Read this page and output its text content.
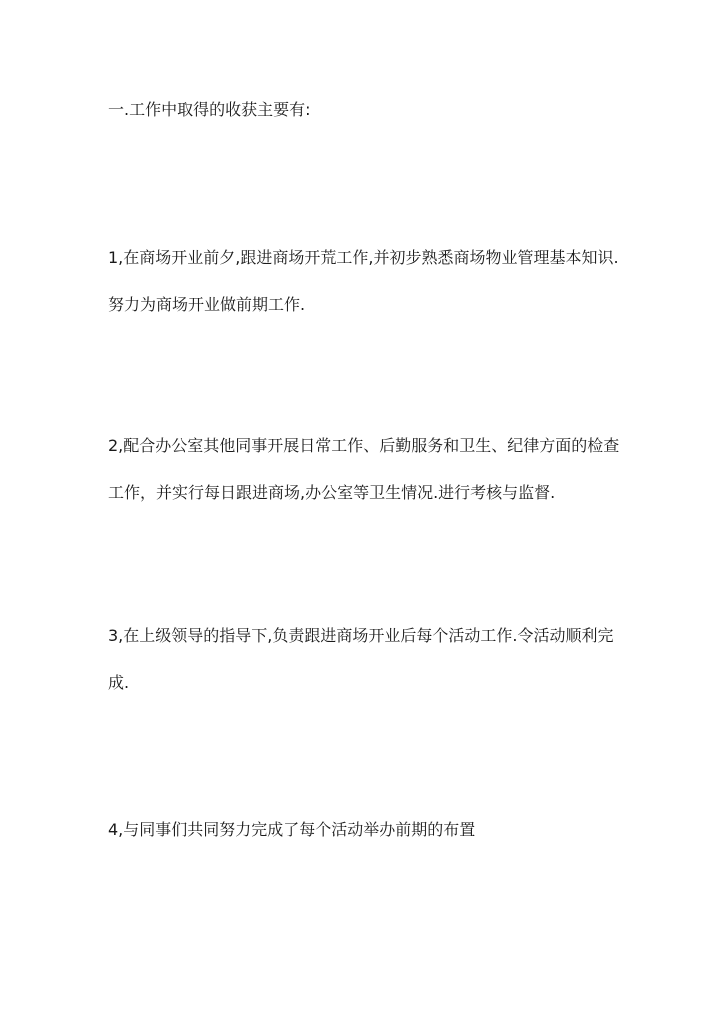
一.工作中取得的收获主要有:

1,在商场开业前夕,跟进商场开荒工作,并初步熟悉商场物业管理基本知识.努力为商场开业做前期工作.

2,配合办公室其他同事开展日常工作、后勤服务和卫生、纪律方面的检查工作，并实行每日跟进商场,办公室等卫生情况.进行考核与监督.

3,在上级领导的指导下,负责跟进商场开业后每个活动工作.令活动顺利完成.

4,与同事们共同努力完成了每个活动举办前期的布置
